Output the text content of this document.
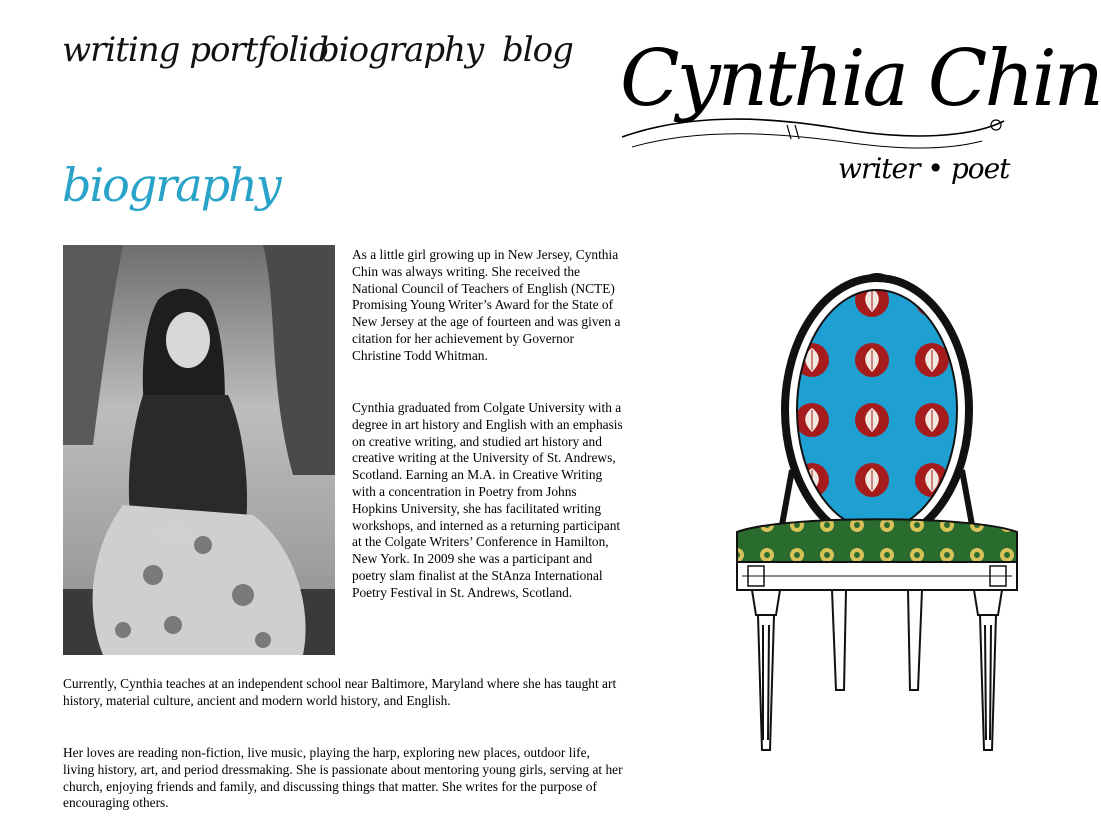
writing portfolio
biography blog Cynthia Chin
writer • poet
biography

As a little girl growing up in New Jersey, Cynthia Chin was always writing. She received the National Council of Teachers of English (NCTE) Promising Young Writer’s Award for the State of New Jersey at the age of fourteen and was given a citation for her achievement by Governor Christine Todd Whitman.

Cynthia graduated from Colgate University with a degree in art history and English with an emphasis on creative writing, and studied art history and creative writing at the University of St. Andrews, Scotland. Earning an M.A. in Creative Writing with a concentration in Poetry from Johns Hopkins University, she has facilitated writing workshops, and interned as a returning participant at the Colgate Writers’ Conference in Hamilton, New York. In 2009 she was a participant and poetry slam finalist at the StAnza International Poetry Festival in St. Andrews, Scotland.

Currently, Cynthia teaches at an independent school near Baltimore, Maryland where she has taught art history, material culture, ancient and modern world history, and English.

Her loves are reading non-fiction, live music, playing the harp, exploring new places, outdoor life, living history, art, and period dressmaking. She is passionate about mentoring young girls, serving at her church, enjoying friends and family, and discussing things that matter. She writes for the purpose of encouraging others.
